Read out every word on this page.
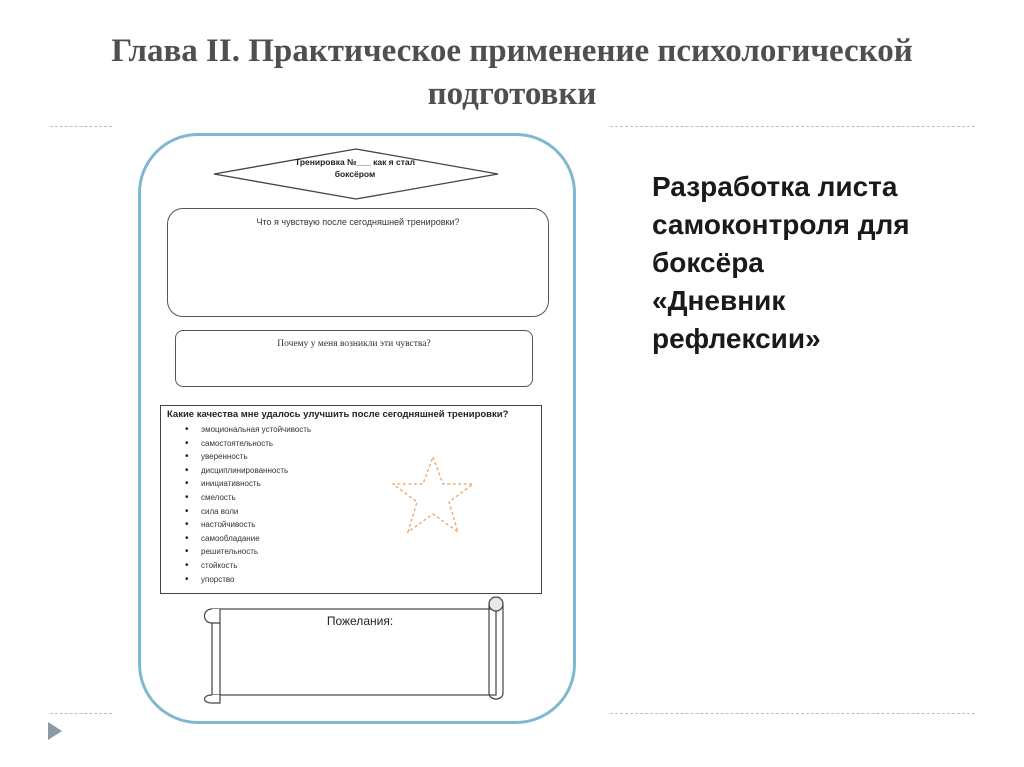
Глава II. Практическое применение психологической
подготовки
Разработка листа
самоконтроля для
боксёра
«Дневник
рефлексии»
Тренировка №___ как я стал
боксёром
Что я чувствую после сегодняшней тренировки?
Почему у меня возникли эти чувства?
Какие качества мне удалось улучшить после сегодняшней тренировки?
• эмоциональная устойчивость
• самостоятельность
• уверенность
• дисциплинированность
• инициативность
• смелость
• сила воли
• настойчивость
• самообладание
• решительность
• стойкость
• упорство
Пожелания:
